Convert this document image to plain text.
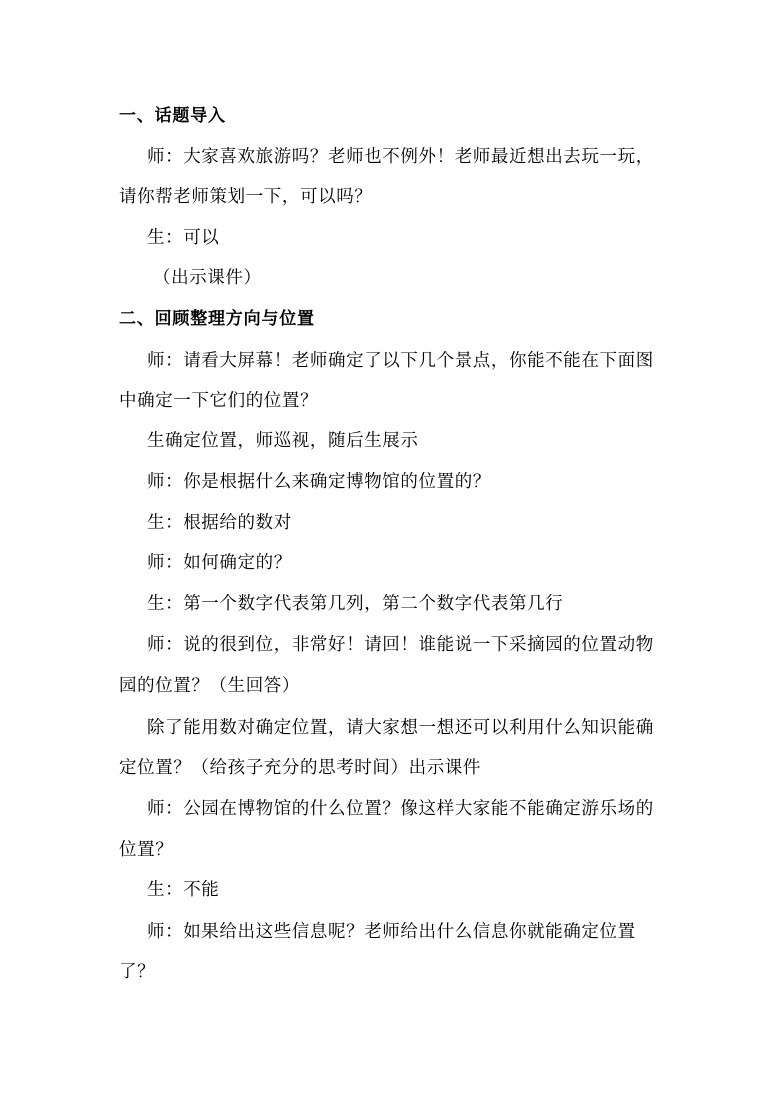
一、话题导入
师：大家喜欢旅游吗？老师也不例外！老师最近想出去玩一玩，
请你帮老师策划一下，可以吗？
生：可以
（出示课件）
二、回顾整理方向与位置
师：请看大屏幕！老师确定了以下几个景点，你能不能在下面图
中确定一下它们的位置？
生确定位置，师巡视，随后生展示
师：你是根据什么来确定博物馆的位置的？
生：根据给的数对
师：如何确定的？
生：第一个数字代表第几列，第二个数字代表第几行
师：说的很到位，非常好！请回！谁能说一下采摘园的位置动物
园的位置？（生回答）
除了能用数对确定位置，请大家想一想还可以利用什么知识能确
定位置？（给孩子充分的思考时间）出示课件
师：公园在博物馆的什么位置？像这样大家能不能确定游乐场的
位置？
生：不能
师：如果给出这些信息呢？老师给出什么信息你就能确定位置
了？
